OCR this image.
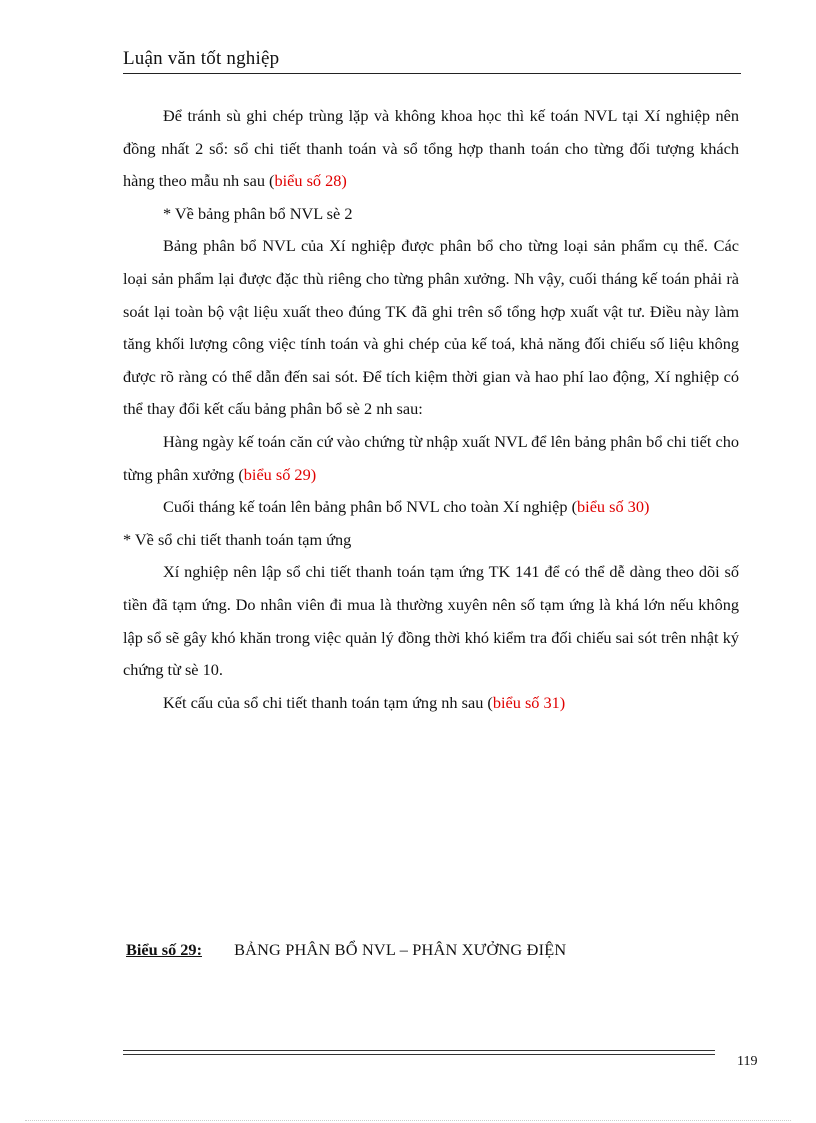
Luận văn tốt nghiệp

Để tránh sù ghi chép trùng lặp và không khoa học thì kế toán NVL tại Xí nghiệp nên đồng nhất 2 sổ: sổ chi tiết thanh toán và sổ tổng hợp thanh toán cho từng đối tượng khách hàng theo mẫu nh sau (biểu số 28)

* Về bảng phân bổ NVL sè 2

Bảng phân bổ NVL của Xí nghiệp được phân bổ cho từng loại sản phẩm cụ thể. Các loại sản phẩm lại được đặc thù riêng cho từng phân xưởng. Nh vậy, cuối tháng kế toán phải rà soát lại toàn bộ vật liệu xuất theo đúng TK đã ghi trên sổ tổng hợp xuất vật tư. Điều này làm tăng khối lượng công việc tính toán và ghi chép của kế toá, khả năng đối chiếu số liệu không được rõ ràng có thể dẫn đến sai sót. Để tích kiệm thời gian và hao phí lao động, Xí nghiệp có thể thay đổi kết cấu bảng phân bổ sè 2 nh sau:

Hàng ngày kế toán căn cứ vào chứng từ nhập xuất NVL để lên bảng phân bổ chi tiết cho từng phân xưởng (biểu số 29)

Cuối tháng kế toán lên bảng phân bổ NVL cho toàn Xí nghiệp (biểu số 30)

* Về sổ chi tiết thanh toán tạm ứng

Xí nghiệp nên lập sổ chi tiết thanh toán tạm ứng TK 141 để có thể dễ dàng theo dõi số tiền đã tạm ứng. Do nhân viên đi mua là thường xuyên nên số tạm ứng là khá lớn nếu không lập sổ sẽ gây khó khăn trong việc quản lý đồng thời khó kiểm tra đối chiếu sai sót trên nhật ký chứng từ sè 10.

Kết cấu của sổ chi tiết thanh toán tạm ứng nh sau (biểu số 31)

Biểu số 29: BẢNG PHÂN BỔ NVL – PHÂN XƯỞNG ĐIỆN
119
